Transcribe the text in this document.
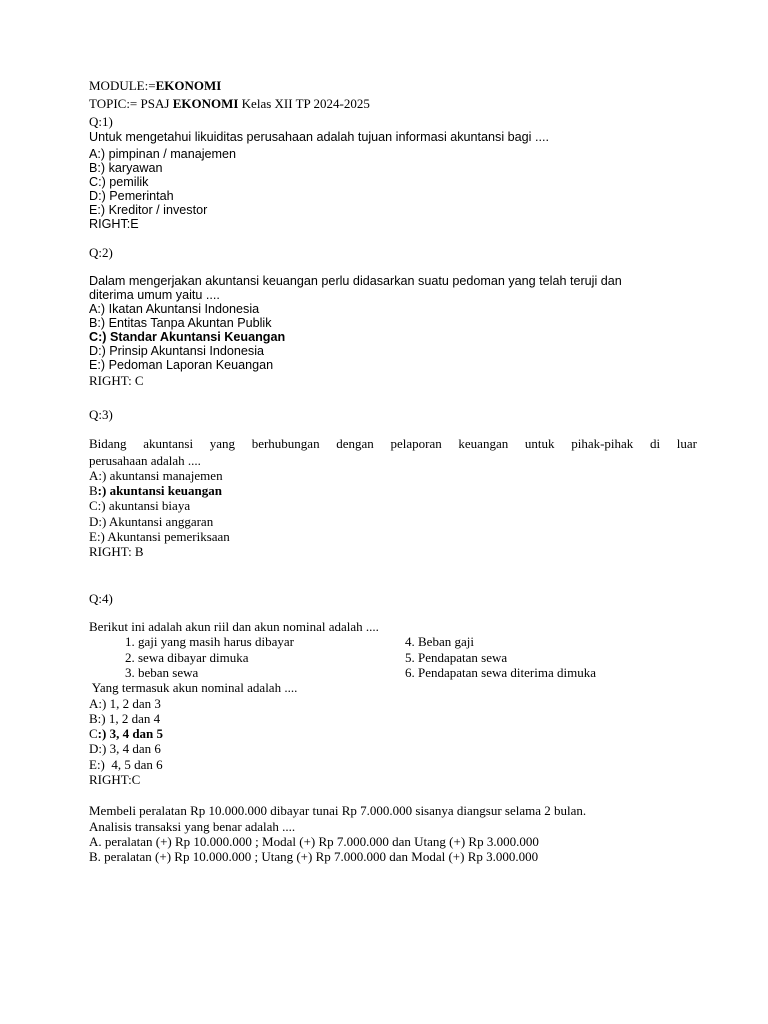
MODULE:=EKONOMI
TOPIC:= PSAJ EKONOMI Kelas XII TP 2024-2025
Q:1)
Untuk mengetahui likuiditas perusahaan adalah tujuan informasi akuntansi bagi ....
A:) pimpinan / manajemen
B:) karyawan
C:) pemilik
D:) Pemerintah
E:) Kreditor / investor
RIGHT:E
Q:2)
Dalam mengerjakan akuntansi keuangan perlu didasarkan suatu pedoman yang telah teruji dan
diterima umum yaitu ....
A:) Ikatan Akuntansi Indonesia
B:) Entitas Tanpa Akuntan Publik
C:) Standar Akuntansi Keuangan
D:) Prinsip Akuntansi Indonesia
E:) Pedoman Laporan Keuangan
RIGHT: C
Q:3)
Bidang akuntansi yang berhubungan dengan pelaporan keuangan untuk pihak-pihak di luar
perusahaan adalah ....
A:) akuntansi manajemen
B:) akuntansi keuangan
C:) akuntansi biaya
D:) Akuntansi anggaran
E:) Akuntansi pemeriksaan
RIGHT: B
Q:4)
Berikut ini adalah akun riil dan akun nominal adalah ....
1. gaji yang masih harus dibayar	4. Beban gaji
2. sewa dibayar dimuka	5. Pendapatan sewa
3. beban sewa	6. Pendapatan sewa diterima dimuka
Yang termasuk akun nominal adalah ....
A:) 1, 2 dan 3
B:) 1, 2 dan 4
C:) 3, 4 dan 5
D:) 3, 4 dan 6
E:)  4, 5 dan 6
RIGHT:C
Membeli peralatan Rp 10.000.000 dibayar tunai Rp 7.000.000 sisanya diangsur selama 2 bulan.
Analisis transaksi yang benar adalah ....
A. peralatan (+) Rp 10.000.000 ; Modal (+) Rp 7.000.000 dan Utang (+) Rp 3.000.000
B. peralatan (+) Rp 10.000.000 ; Utang (+) Rp 7.000.000 dan Modal (+) Rp 3.000.000
